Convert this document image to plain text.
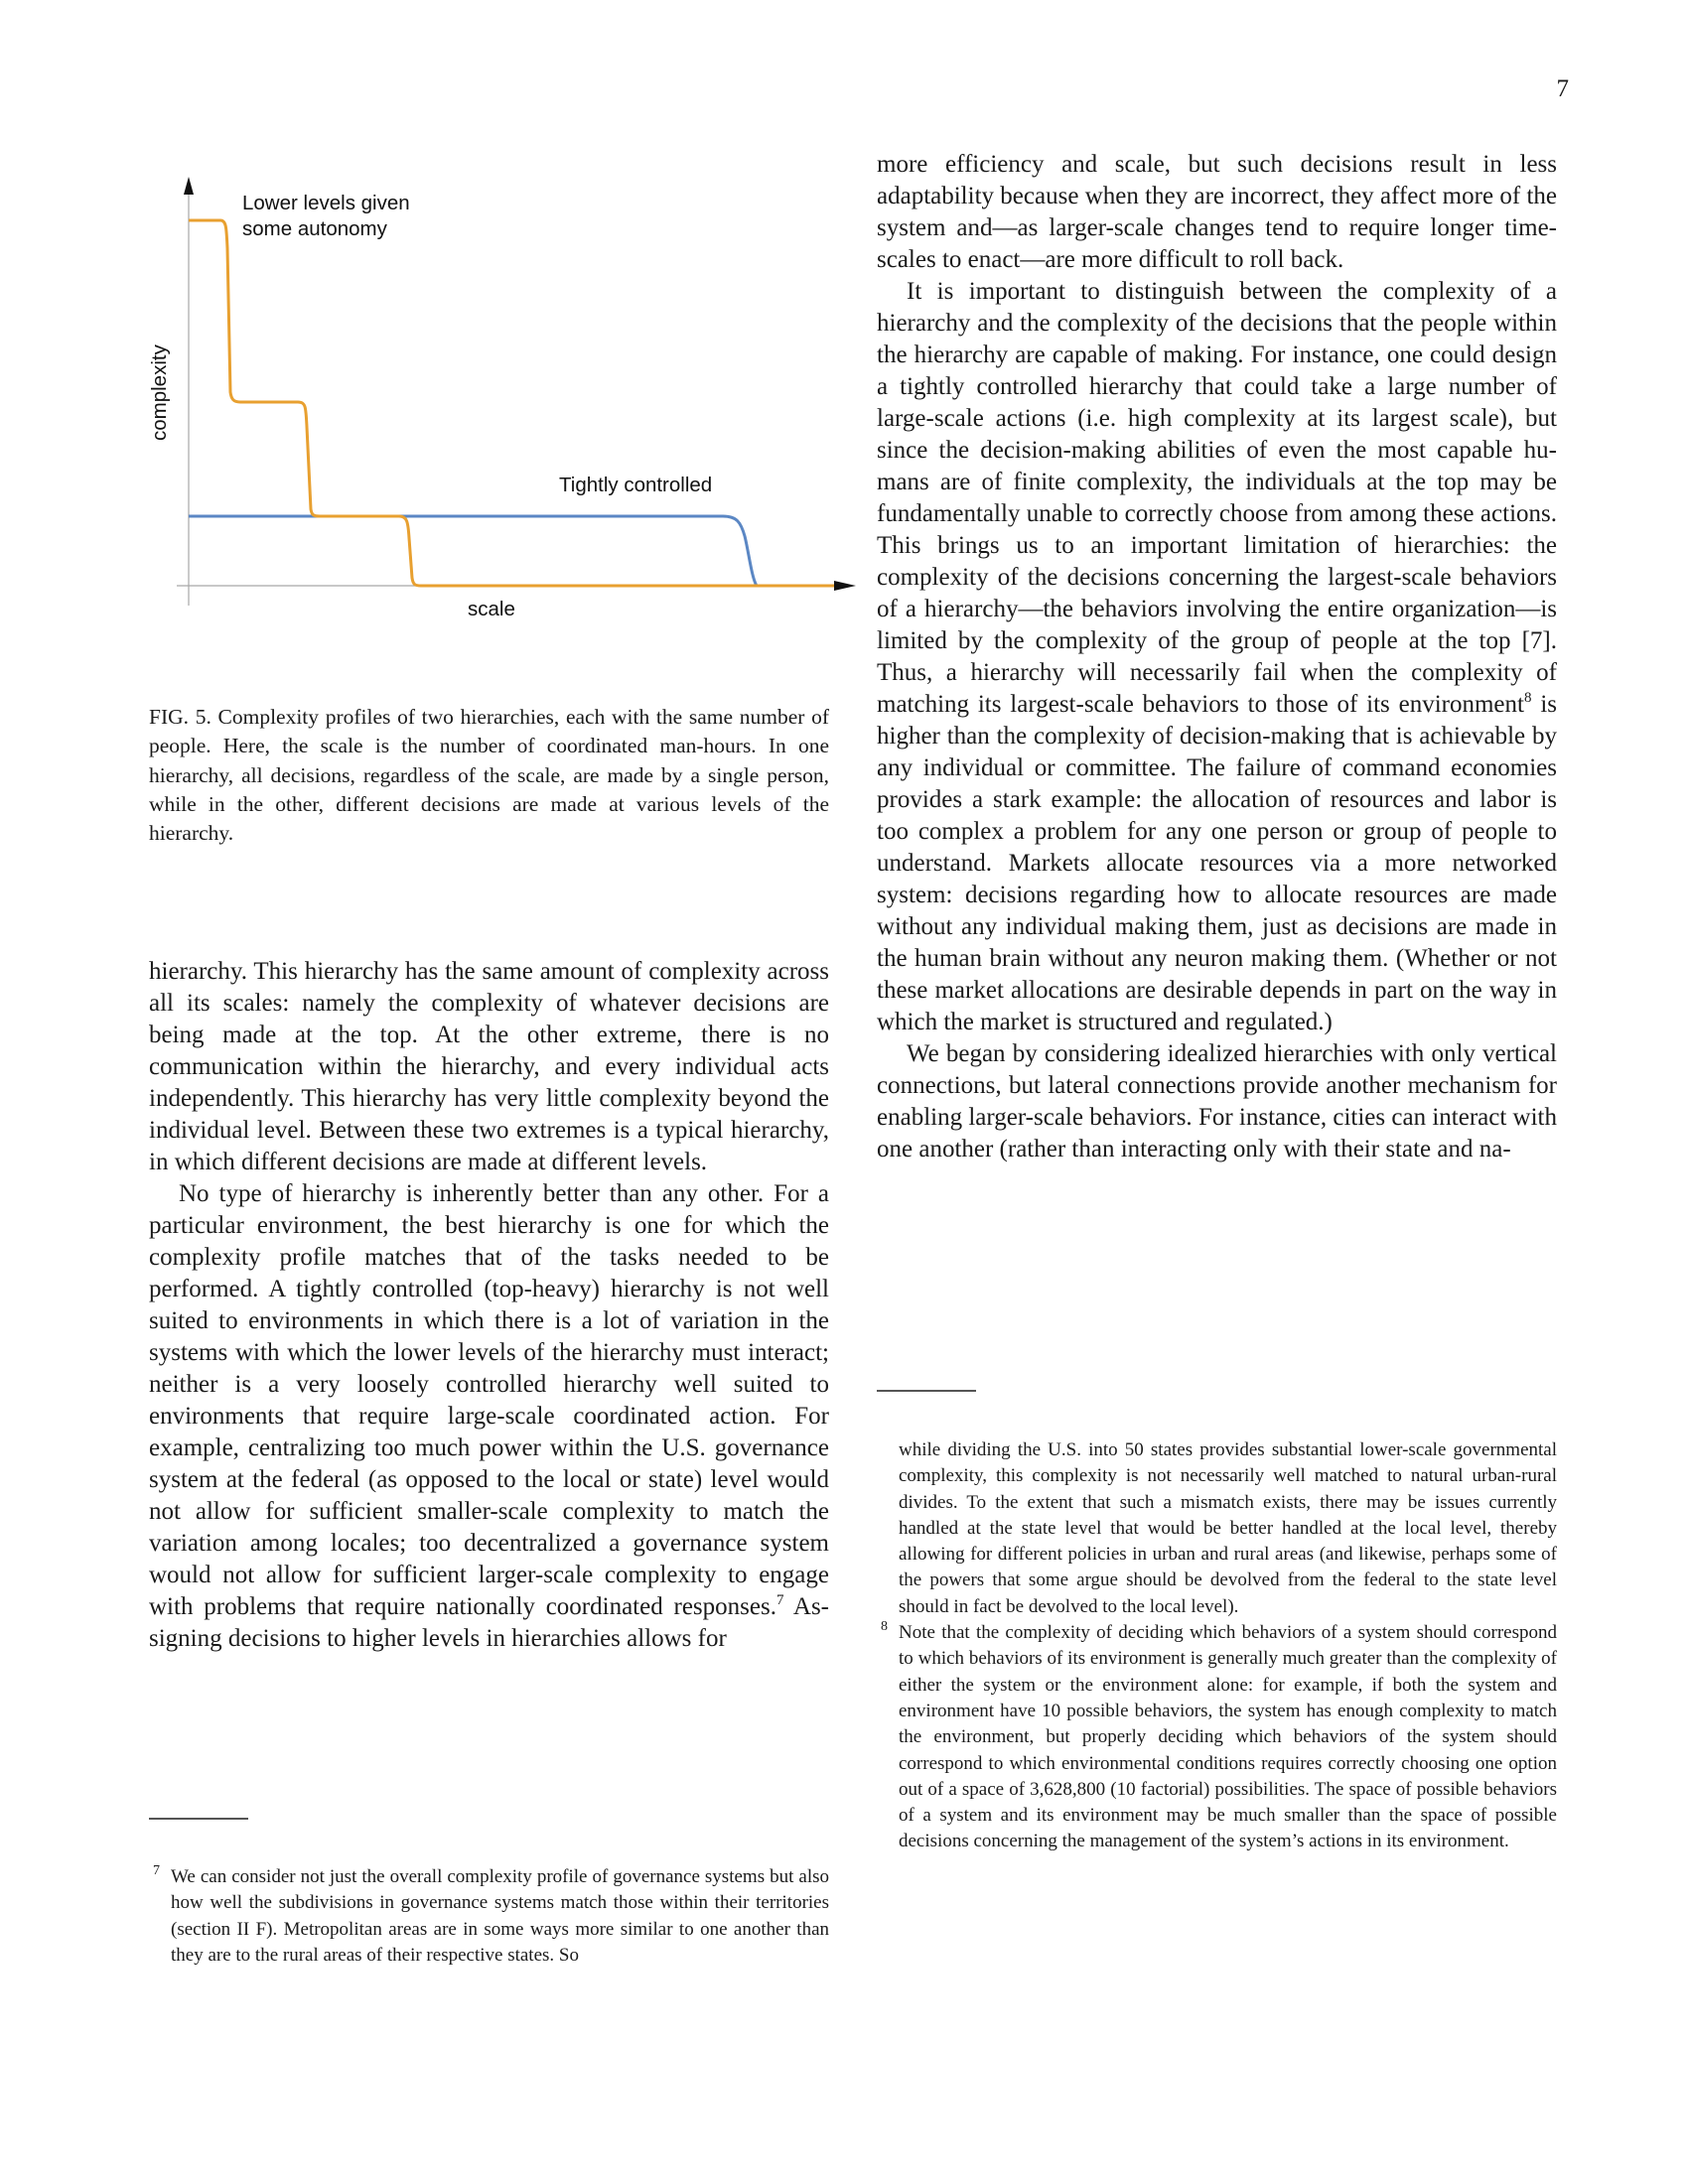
7
Lower levels given
some autonomy
Tightly controlled
scale
complexity

FIG. 5. Complexity profiles of two hierarchies, each with the same number of people. Here, the scale is the number of coordinated man-hours. In one hierarchy, all decisions, regardless of the scale, are made by a single person, while in the other, different decisions are made at various levels of the hierarchy.

hierarchy. This hierarchy has the same amount of complexity across all its scales: namely the complexity of whatever decisions are being made at the top. At the other extreme, there is no communication within the hierarchy, and every individual acts independently. This hierarchy has very little complexity beyond the individual level. Between these two extremes is a typical hierarchy, in which different decisions are made at different levels.

No type of hierarchy is inherently better than any other. For a particular environment, the best hierarchy is one for which the complexity profile matches that of the tasks needed to be performed. A tightly controlled (top-heavy) hierarchy is not well suited to environments in which there is a lot of variation in the systems with which the lower levels of the hierarchy must interact; neither is a very loosely controlled hierarchy well suited to environments that require large-scale coordinated action. For example, centralizing too much power within the U.S. governance system at the federal (as opposed to the local or state) level would not allow for sufficient smaller-scale complexity to match the variation among locales; too decentralized a governance system would not allow for sufficient larger-scale complexity to engage with problems that require nationally coordinated responses.$^7$ Assigning decisions to higher levels in hierarchies allows for

7 We can consider not just the overall complexity profile of governance systems but also how well the subdivisions in governance systems match those within their territories (section II F). Metropolitan areas are in some ways more similar to one another than they are to the rural areas of their respective states. So

more efficiency and scale, but such decisions result in less adaptability because when they are incorrect, they affect more of the system and—as larger-scale changes tend to require longer time-scales to enact—are more difficult to roll back.

It is important to distinguish between the complexity of a hierarchy and the complexity of the decisions that the people within the hierarchy are capable of making. For instance, one could design a tightly controlled hierarchy that could take a large number of large-scale actions (i.e. high complexity at its largest scale), but since the decision-making abilities of even the most capable humans are of finite complexity, the individuals at the top may be fundamentally unable to correctly choose from among these actions. This brings us to an important limitation of hierarchies: the complexity of the decisions concerning the largest-scale behaviors of a hierarchy—the behaviors involving the entire organization—is limited by the complexity of the group of people at the top [7]. Thus, a hierarchy will necessarily fail when the complexity of matching its largest-scale behaviors to those of its environment$^8$ is higher than the complexity of decision-making that is achievable by any individual or committee. The failure of command economies provides a stark example: the allocation of resources and labor is too complex a problem for any one person or group of people to understand. Markets allocate resources via a more networked system: decisions regarding how to allocate resources are made without any individual making them, just as decisions are made in the human brain without any neuron making them. (Whether or not these market allocations are desirable depends in part on the way in which the market is structured and regulated.)

We began by considering idealized hierarchies with only vertical connections, but lateral connections provide another mechanism for enabling larger-scale behaviors. For instance, cities can interact with one another (rather than interacting only with their state and na-

while dividing the U.S. into 50 states provides substantial lower-scale governmental complexity, this complexity is not necessarily well matched to natural urban-rural divides. To the extent that such a mismatch exists, there may be issues currently handled at the state level that would be better handled at the local level, thereby allowing for different policies in urban and rural areas (and likewise, perhaps some of the powers that some argue should be devolved from the federal to the state level should in fact be devolved to the local level).

8 Note that the complexity of deciding which behaviors of a system should correspond to which behaviors of its environment is generally much greater than the complexity of either the system or the environment alone: for example, if both the system and environment have 10 possible behaviors, the system has enough complexity to match the environment, but properly deciding which behaviors of the system should correspond to which environmental conditions requires correctly choosing one option out of a space of 3,628,800 (10 factorial) possibilities. The space of possible behaviors of a system and its environment may be much smaller than the space of possible decisions concerning the management of the system’s actions in its environment.
